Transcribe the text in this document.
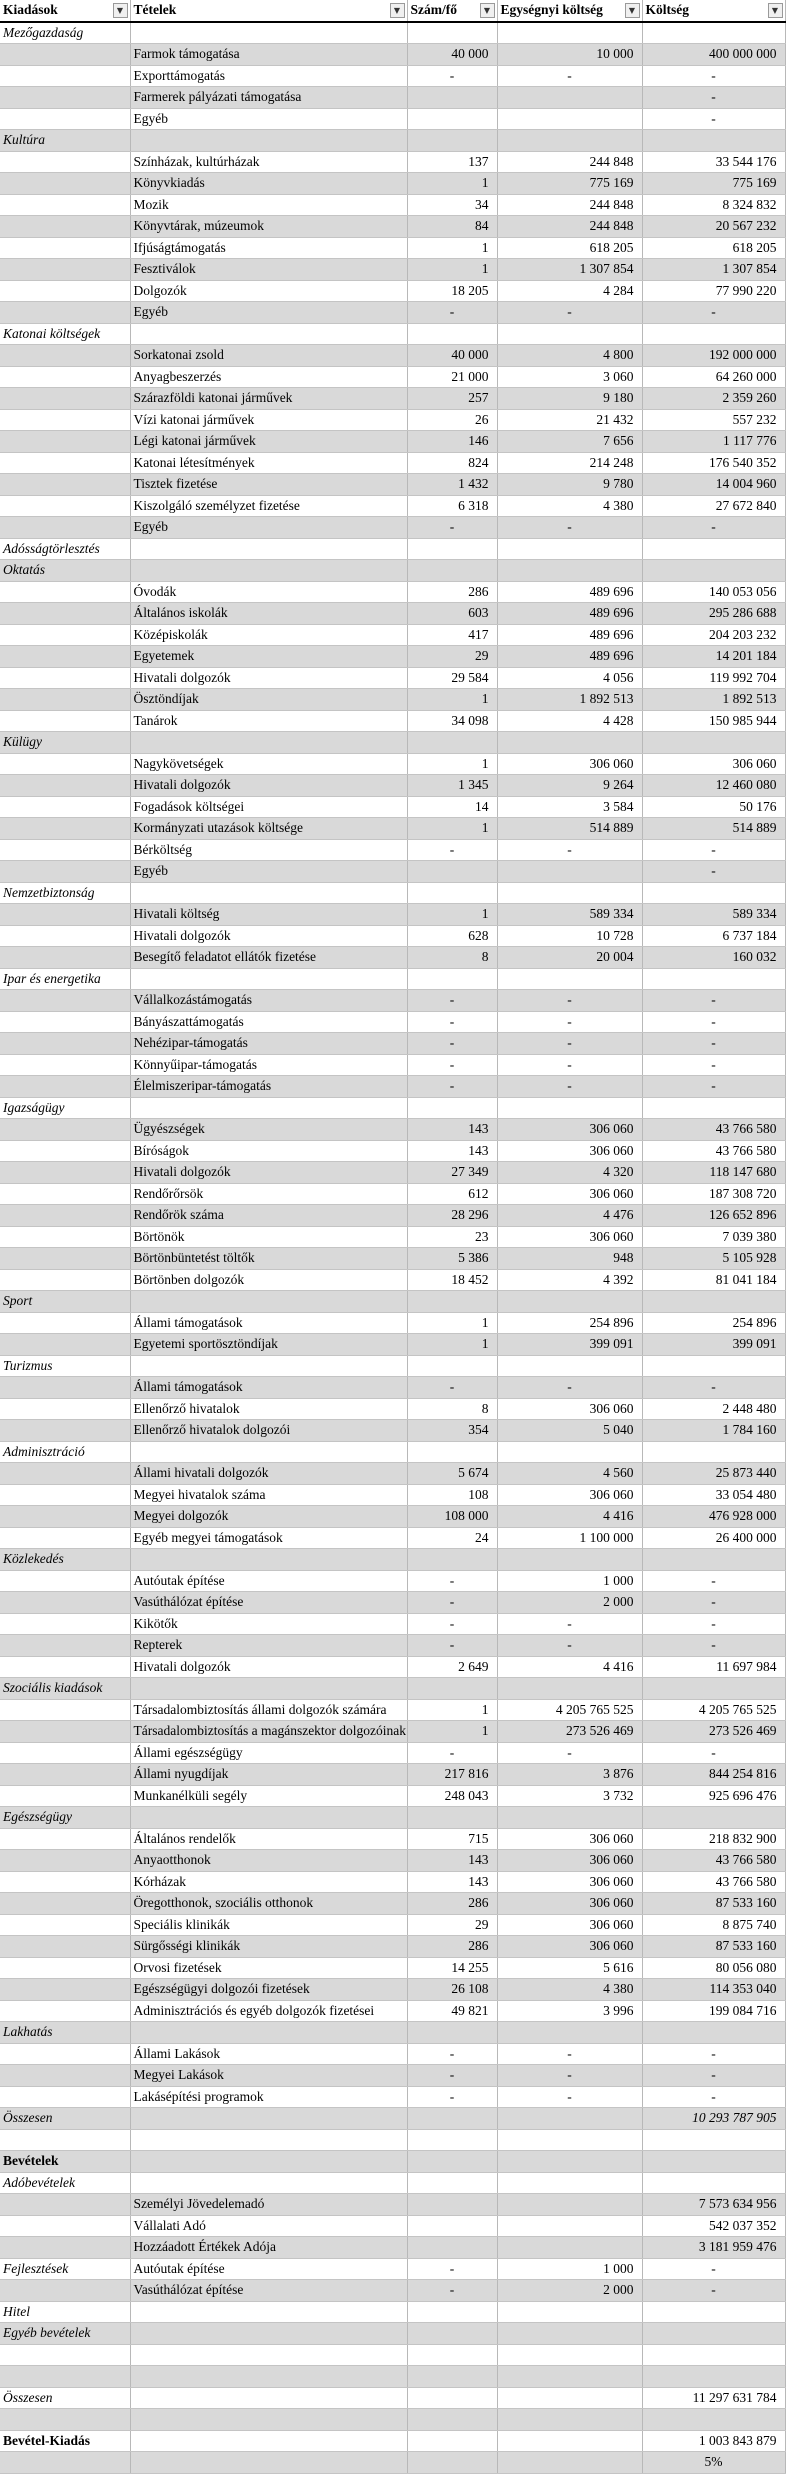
Kiadások ▼	Tételek ▼	Szám/fő ▼	Egységnyi költség ▼	Költség ▼

Mezőgazdaság				
	Farmok támogatása	40 000	10 000	400 000 000
	Exporttámogatás	-	-	-
	Farmerek pályázati támogatása			-
	Egyéb			-
Kultúra				
	Színházak, kultúrházak	137	244 848	33 544 176
	Könyvkiadás	1	775 169	775 169
	Mozik	34	244 848	8 324 832
	Könyvtárak, múzeumok	84	244 848	20 567 232
	Ifjúságtámogatás	1	618 205	618 205
	Fesztiválok	1	1 307 854	1 307 854
	Dolgozók	18 205	4 284	77 990 220
	Egyéb	-	-	-
Katonai költségek				
	Sorkatonai zsold	40 000	4 800	192 000 000
	Anyagbeszerzés	21 000	3 060	64 260 000
	Szárazföldi katonai járművek	257	9 180	2 359 260
	Vízi katonai járművek	26	21 432	557 232
	Légi katonai járművek	146	7 656	1 117 776
	Katonai létesítmények	824	214 248	176 540 352
	Tisztek fizetése	1 432	9 780	14 004 960
	Kiszolgáló személyzet fizetése	6 318	4 380	27 672 840
	Egyéb	-	-	-
Adósságtörlesztés				
Oktatás				
	Óvodák	286	489 696	140 053 056
	Általános iskolák	603	489 696	295 286 688
	Középiskolák	417	489 696	204 203 232
	Egyetemek	29	489 696	14 201 184
	Hivatali dolgozók	29 584	4 056	119 992 704
	Ösztöndíjak	1	1 892 513	1 892 513
	Tanárok	34 098	4 428	150 985 944
Külügy				
	Nagykövetségek	1	306 060	306 060
	Hivatali dolgozók	1 345	9 264	12 460 080
	Fogadások költségei	14	3 584	50 176
	Kormányzati utazások költsége	1	514 889	514 889
	Bérköltség	-	-	-
	Egyéb			-
Nemzetbiztonság				
	Hivatali költség	1	589 334	589 334
	Hivatali dolgozók	628	10 728	6 737 184
	Besegítő feladatot ellátók fizetése	8	20 004	160 032
Ipar és energetika				
	Vállalkozástámogatás	-	-	-
	Bányászattámogatás	-	-	-
	Nehézipar-támogatás	-	-	-
	Könnyűipar-támogatás	-	-	-
	Élelmiszeripar-támogatás	-	-	-
Igazságügy				
	Ügyészségek	143	306 060	43 766 580
	Bíróságok	143	306 060	43 766 580
	Hivatali dolgozók	27 349	4 320	118 147 680
	Rendőrőrsök	612	306 060	187 308 720
	Rendőrök száma	28 296	4 476	126 652 896
	Börtönök	23	306 060	7 039 380
	Börtönbüntetést töltők	5 386	948	5 105 928
	Börtönben dolgozók	18 452	4 392	81 041 184
Sport				
	Állami támogatások	1	254 896	254 896
	Egyetemi sportösztöndíjak	1	399 091	399 091
Turizmus				
	Állami támogatások	-	-	-
	Ellenőrző hivatalok	8	306 060	2 448 480
	Ellenőrző hivatalok dolgozói	354	5 040	1 784 160
Adminisztráció				
	Állami hivatali dolgozók	5 674	4 560	25 873 440
	Megyei hivatalok száma	108	306 060	33 054 480
	Megyei dolgozók	108 000	4 416	476 928 000
	Egyéb megyei támogatások	24	1 100 000	26 400 000
Közlekedés				
	Autóutak építése	-	1 000	-
	Vasúthálózat építése	-	2 000	-
	Kikötők	-	-	-
	Repterek	-	-	-
	Hivatali dolgozók	2 649	4 416	11 697 984
Szociális kiadások				
	Társadalombiztosítás állami dolgozók számára	1	4 205 765 525	4 205 765 525
	Társadalombiztosítás a magánszektor dolgozóinak	1	273 526 469	273 526 469
	Állami egészségügy	-	-	-
	Állami nyugdíjak	217 816	3 876	844 254 816
	Munkanélküli segély	248 043	3 732	925 696 476
Egészségügy				
	Általános rendelők	715	306 060	218 832 900
	Anyaotthonok	143	306 060	43 766 580
	Kórházak	143	306 060	43 766 580
	Öregotthonok, szociális otthonok	286	306 060	87 533 160
	Speciális klinikák	29	306 060	8 875 740
	Sürgősségi klinikák	286	306 060	87 533 160
	Orvosi fizetések	14 255	5 616	80 056 080
	Egészségügyi dolgozói fizetések	26 108	4 380	114 353 040
	Adminisztrációs és egyéb dolgozók fizetései	49 821	3 996	199 084 716
Lakhatás				
	Állami Lakások	-	-	-
	Megyei Lakások	-	-	-
	Lakásépítési programok	-	-	-
Összesen				10 293 787 905

Bevételek				
Adóbevételek				
	Személyi Jövedelemadó			7 573 634 956
	Vállalati Adó			542 037 352
	Hozzáadott Értékek Adója			3 181 959 476
Fejlesztések	Autóutak építése	-	1 000	-
	Vasúthálózat építése	-	2 000	-
Hitel				
Egyéb bevételek				

Összesen				11 297 631 784

Bevétel-Kiadás				1 003 843 879
				5%
